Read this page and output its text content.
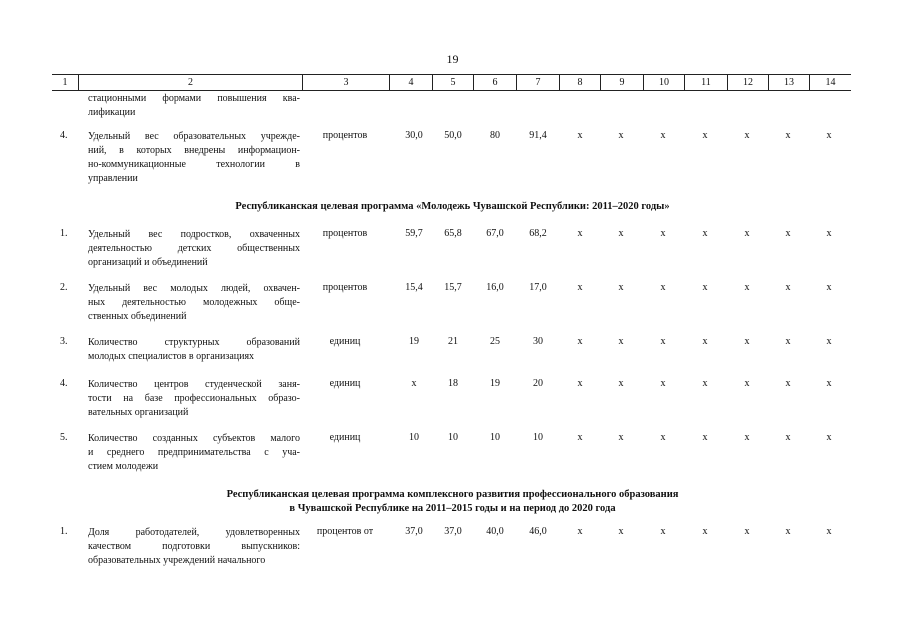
19
1	2	3	4	5	6	7	8	9	10	11	12	13	14
стационными формами повышения ква-
лификации
4.	Удельный вес образовательных учрежде-
ний, в которых внедрены информацион-
но-коммуникационные технологии в
управлении
процентов	30,0	50,0	80	91,4	х	х	х	х	х	х	х
Республиканская целевая программа «Молодежь Чувашской Республики: 2011–2020 годы»
1.	Удельный вес подростков, охваченных
деятельностью детских общественных
организаций и объединений
процентов	59,7	65,8	67,0	68,2	х	х	х	х	х	х	х
2.	Удельный вес молодых людей, охвачен-
ных деятельностью молодежных обще-
ственных объединений
процентов	15,4	15,7	16,0	17,0	х	х	х	х	х	х	х
3.	Количество структурных образований
молодых специалистов в организациях
единиц	19	21	25	30	х	х	х	х	х	х	х
4.	Количество центров студенческой заня-
тости на базе профессиональных образо-
вательных организаций
единиц	х	18	19	20	х	х	х	х	х	х	х
5.	Количество созданных субъектов малого
и среднего предпринимательства с уча-
стием молодежи
единиц	10	10	10	10	х	х	х	х	х	х	х
Республиканская целевая программа комплексного развития профессионального образования
в Чувашской Республике на 2011–2015 годы и на период до 2020 года
1.	Доля работодателей, удовлетворенных
качеством подготовки выпускников:
образовательных учреждений начального
процентов от	37,0	37,0	40,0	46,0	х	х	х	х	х	х	х
